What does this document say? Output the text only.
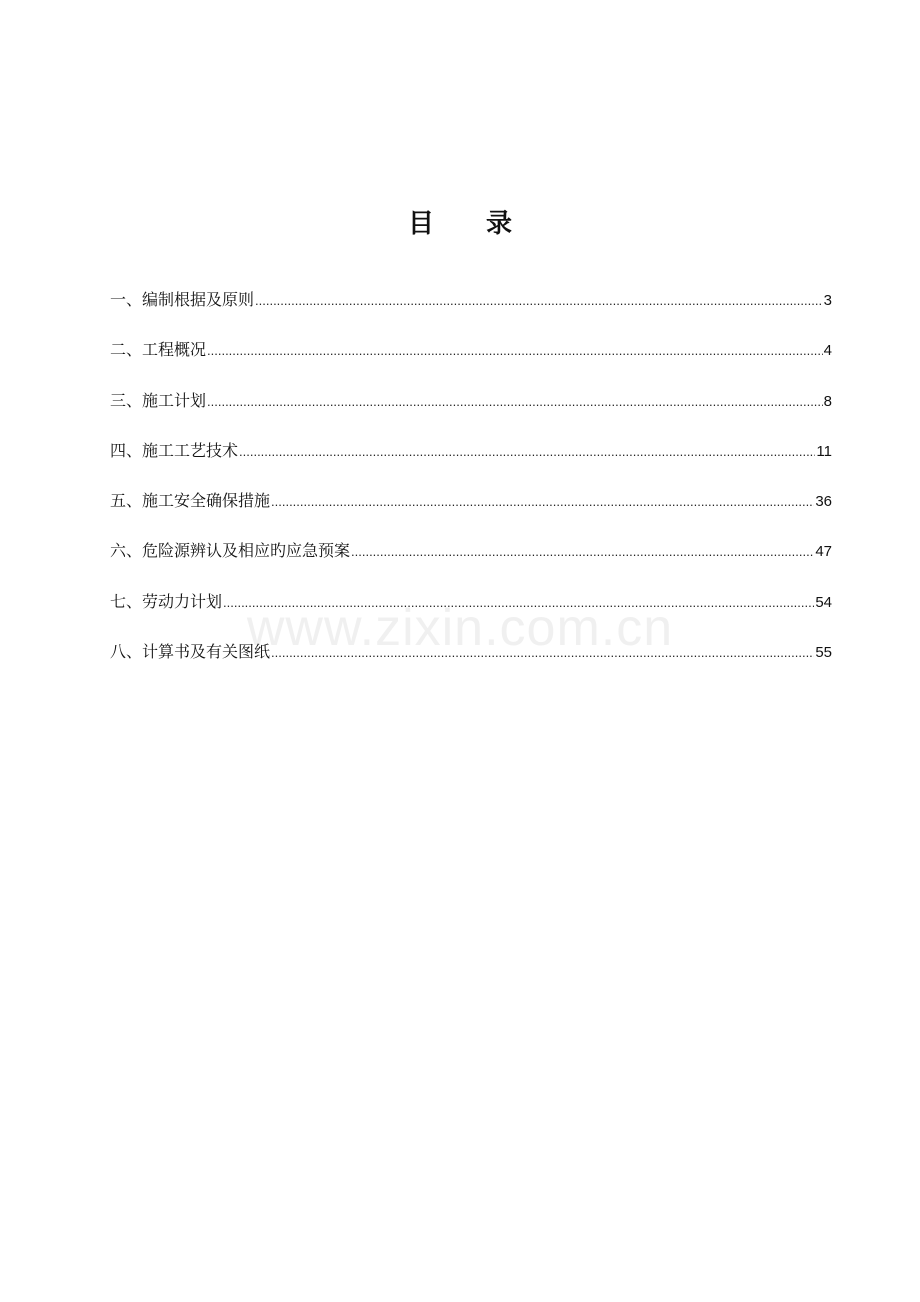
目 录
一、编制根据及原则 .....	3
二、工程概况 .....	4
三、施工计划 .....	8
四、施工工艺技术 .....	11
五、施工安全确保措施 .....	36
六、危险源辨认及相应旳应急预案 .....	47
七、劳动力计划 .....	54
八、计算书及有关图纸 .....	55
www.zixin.com.cn
